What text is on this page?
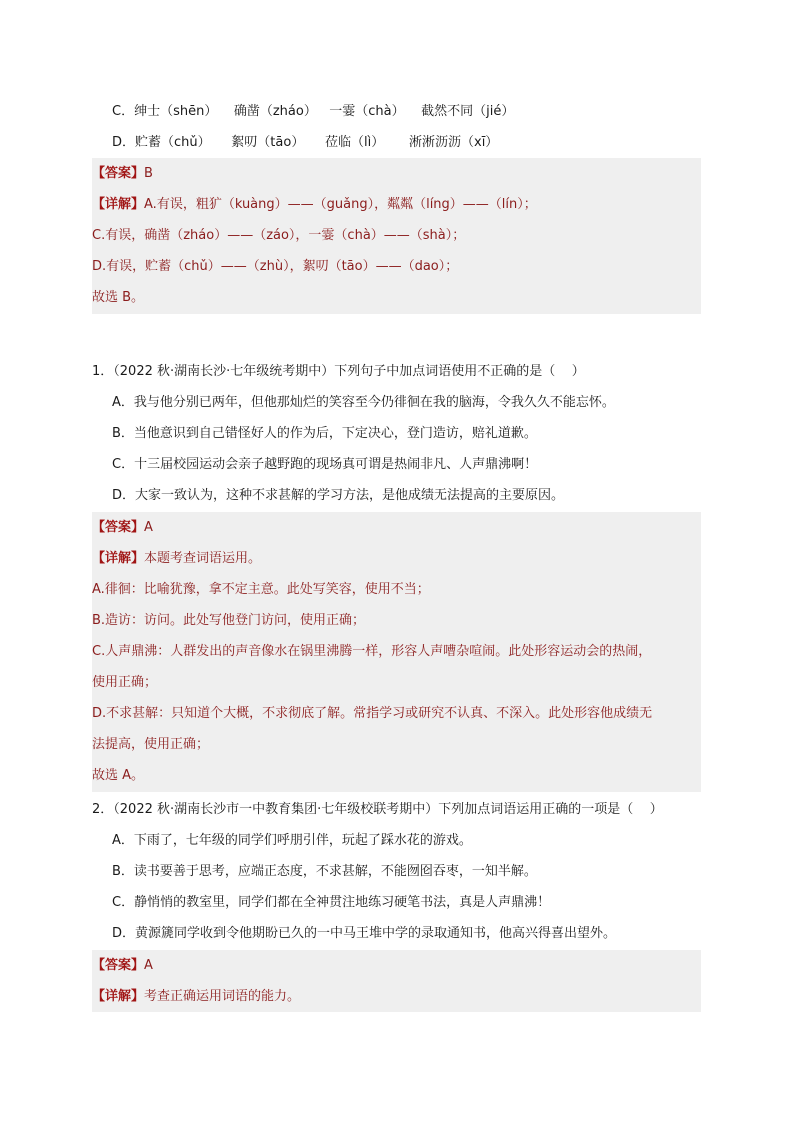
C．绅士（shēn）    确凿（zháo）   一霎（chà）    截然不同（jié）
D．贮蓄（chǔ）     絮叨（tāo）     莅临（lì）      淅淅沥沥（xī）
【答案】B
【详解】A.有误，粗犷（kuàng）——（guǎng），粼粼（líng）——（lín）；
C.有误，确凿（zháo）——（záo），一霎（chà）——（shà）；
D.有误，贮蓄（chǔ）——（zhù），絮叨（tāo）——（dao）；
故选 B。
1．（2022 秋·湖南长沙·七年级统考期中）下列句子中加点词语使用不正确的是（    ）
A．我与他分别已两年，但他那灿烂的笑容至今仍徘徊在我的脑海，令我久久不能忘怀。
B．当他意识到自己错怪好人的作为后，下定决心，登门造访，赔礼道歉。
C．十三届校园运动会亲子越野跑的现场真可谓是热闹非凡、人声鼎沸啊！
D．大家一致认为，这种不求甚解的学习方法，是他成绩无法提高的主要原因。
【答案】A
【详解】本题考查词语运用。
A.徘徊：比喻犹豫，拿不定主意。此处写笑容，使用不当；
B.造访：访问。此处写他登门访问，使用正确；
C.人声鼎沸：人群发出的声音像水在锅里沸腾一样，形容人声嘈杂喧闹。此处形容运动会的热闹，
使用正确；
D.不求甚解：只知道个大概，不求彻底了解。常指学习或研究不认真、不深入。此处形容他成绩无
法提高，使用正确；
故选 A。
2．（2022 秋·湖南长沙市一中教育集团·七年级校联考期中）下列加点词语运用正确的一项是（    ）
A．下雨了，七年级的同学们呼朋引伴，玩起了踩水花的游戏。
B．读书要善于思考，应端正态度，不求甚解，不能囫囵吞枣，一知半解。
C．静悄悄的教室里，同学们都在全神贯注地练习硬笔书法，真是人声鼎沸！
D．黄源篪同学收到令他期盼已久的一中马王堆中学的录取通知书，他高兴得喜出望外。
【答案】A
【详解】考查正确运用词语的能力。
